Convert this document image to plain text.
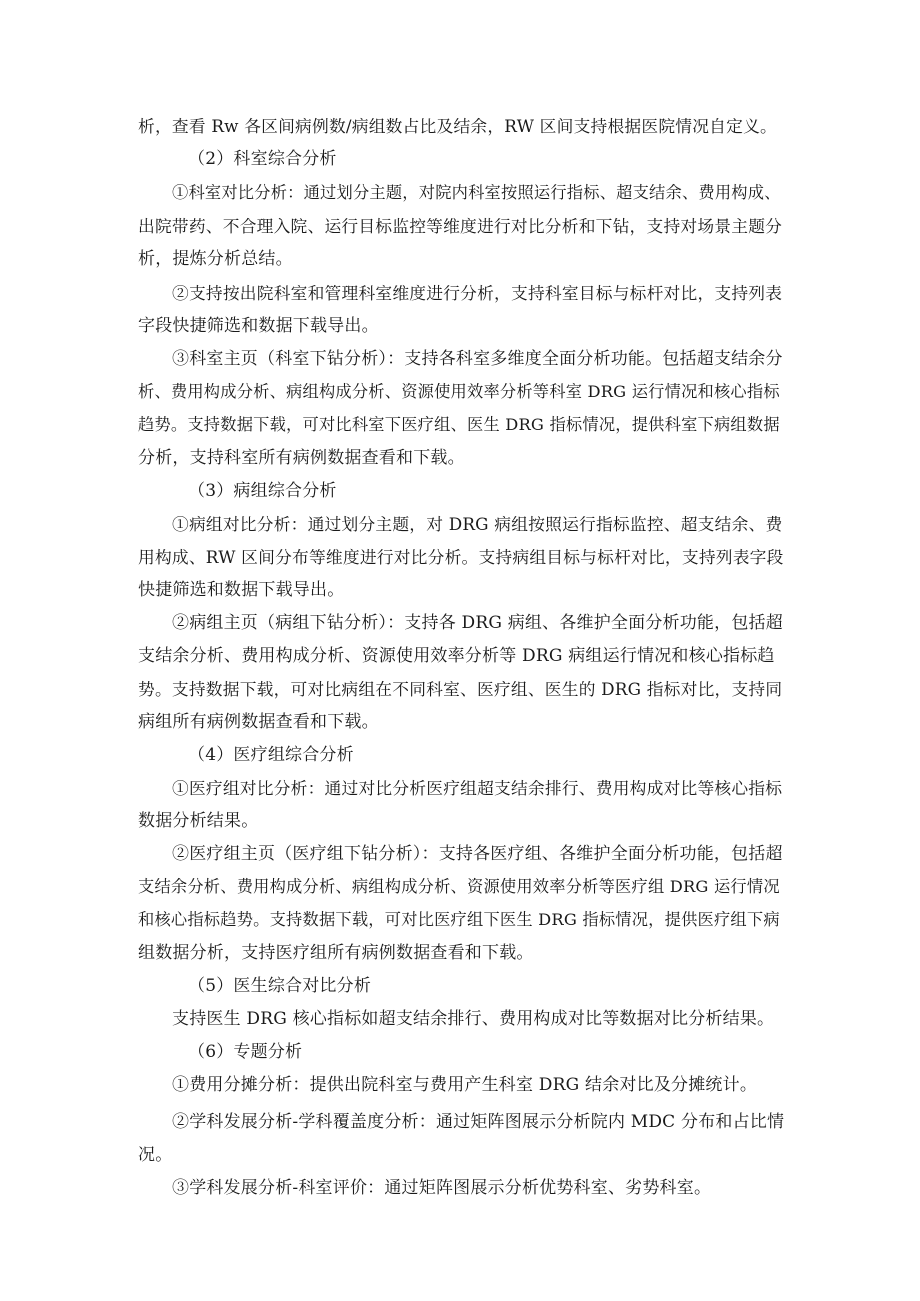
析，查看 Rw 各区间病例数/病组数占比及结余，RW 区间支持根据医院情况自定义。
（2）科室综合分析
①科室对比分析：通过划分主题，对院内科室按照运行指标、超支结余、费用构成、
出院带药、不合理入院、运行目标监控等维度进行对比分析和下钻，支持对场景主题分
析，提炼分析总结。
②支持按出院科室和管理科室维度进行分析，支持科室目标与标杆对比，支持列表
字段快捷筛选和数据下载导出。
③科室主页（科室下钻分析）：支持各科室多维度全面分析功能。包括超支结余分
析、费用构成分析、病组构成分析、资源使用效率分析等科室 DRG 运行情况和核心指标
趋势。支持数据下载，可对比科室下医疗组、医生 DRG 指标情况，提供科室下病组数据
分析，支持科室所有病例数据查看和下载。
（3）病组综合分析
①病组对比分析：通过划分主题，对 DRG 病组按照运行指标监控、超支结余、费
用构成、RW 区间分布等维度进行对比分析。支持病组目标与标杆对比，支持列表字段
快捷筛选和数据下载导出。
②病组主页（病组下钻分析）：支持各 DRG 病组、各维护全面分析功能，包括超
支结余分析、费用构成分析、资源使用效率分析等 DRG 病组运行情况和核心指标趋
势。支持数据下载，可对比病组在不同科室、医疗组、医生的 DRG 指标对比，支持同
病组所有病例数据查看和下载。
（4）医疗组综合分析
①医疗组对比分析：通过对比分析医疗组超支结余排行、费用构成对比等核心指标
数据分析结果。
②医疗组主页（医疗组下钻分析）：支持各医疗组、各维护全面分析功能，包括超
支结余分析、费用构成分析、病组构成分析、资源使用效率分析等医疗组 DRG 运行情况
和核心指标趋势。支持数据下载，可对比医疗组下医生 DRG 指标情况，提供医疗组下病
组数据分析，支持医疗组所有病例数据查看和下载。
（5）医生综合对比分析
支持医生 DRG 核心指标如超支结余排行、费用构成对比等数据对比分析结果。
（6）专题分析
①费用分摊分析：提供出院科室与费用产生科室 DRG 结余对比及分摊统计。
②学科发展分析-学科覆盖度分析：通过矩阵图展示分析院内 MDC 分布和占比情
况。
③学科发展分析-科室评价：通过矩阵图展示分析优势科室、劣势科室。
